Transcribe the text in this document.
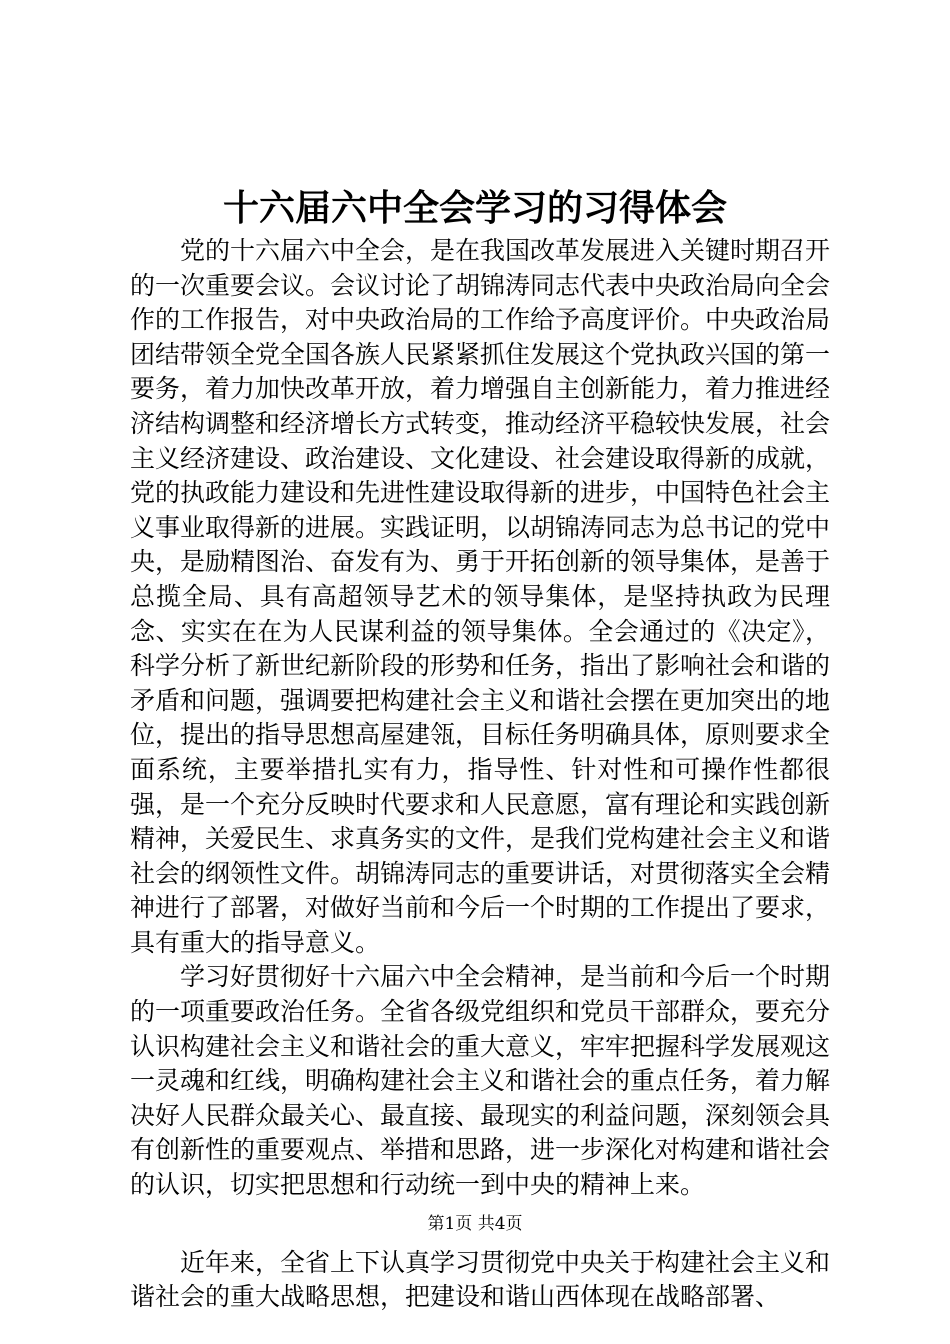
十六届六中全会学习的习得体会

党的十六届六中全会，是在我国改革发展进入关键时期召开的一次重要会议。会议讨论了胡锦涛同志代表中央政治局向全会作的工作报告，对中央政治局的工作给予高度评价。中央政治局团结带领全党全国各族人民紧紧抓住发展这个党执政兴国的第一要务，着力加快改革开放，着力增强自主创新能力，着力推进经济结构调整和经济增长方式转变，推动经济平稳较快发展，社会主义经济建设、政治建设、文化建设、社会建设取得新的成就，党的执政能力建设和先进性建设取得新的进步，中国特色社会主义事业取得新的进展。实践证明，以胡锦涛同志为总书记的党中央，是励精图治、奋发有为、勇于开拓创新的领导集体，是善于总揽全局、具有高超领导艺术的领导集体，是坚持执政为民理念、实实在在为人民谋利益的领导集体。全会通过的《决定》，科学分析了新世纪新阶段的形势和任务，指出了影响社会和谐的矛盾和问题，强调要把构建社会主义和谐社会摆在更加突出的地位，提出的指导思想高屋建瓴，目标任务明确具体，原则要求全面系统，主要举措扎实有力，指导性、针对性和可操作性都很强，是一个充分反映时代要求和人民意愿，富有理论和实践创新精神，关爱民生、求真务实的文件，是我们党构建社会主义和谐社会的纲领性文件。胡锦涛同志的重要讲话，对贯彻落实全会精神进行了部署，对做好当前和今后一个时期的工作提出了要求，具有重大的指导意义。

学习好贯彻好十六届六中全会精神，是当前和今后一个时期的一项重要政治任务。全省各级党组织和党员干部群众，要充分认识构建社会主义和谐社会的重大意义，牢牢把握科学发展观这一灵魂和红线，明确构建社会主义和谐社会的重点任务，着力解决好人民群众最关心、最直接、最现实的利益问题，深刻领会具有创新性的重要观点、举措和思路，进一步深化对构建和谐社会的认识，切实把思想和行动统一到中央的精神上来。

近年来，全省上下认真学习贯彻党中央关于构建社会主义和谐社会的重大战略思想，把建设和谐山西体现在战略部署、

第1页 共4页
